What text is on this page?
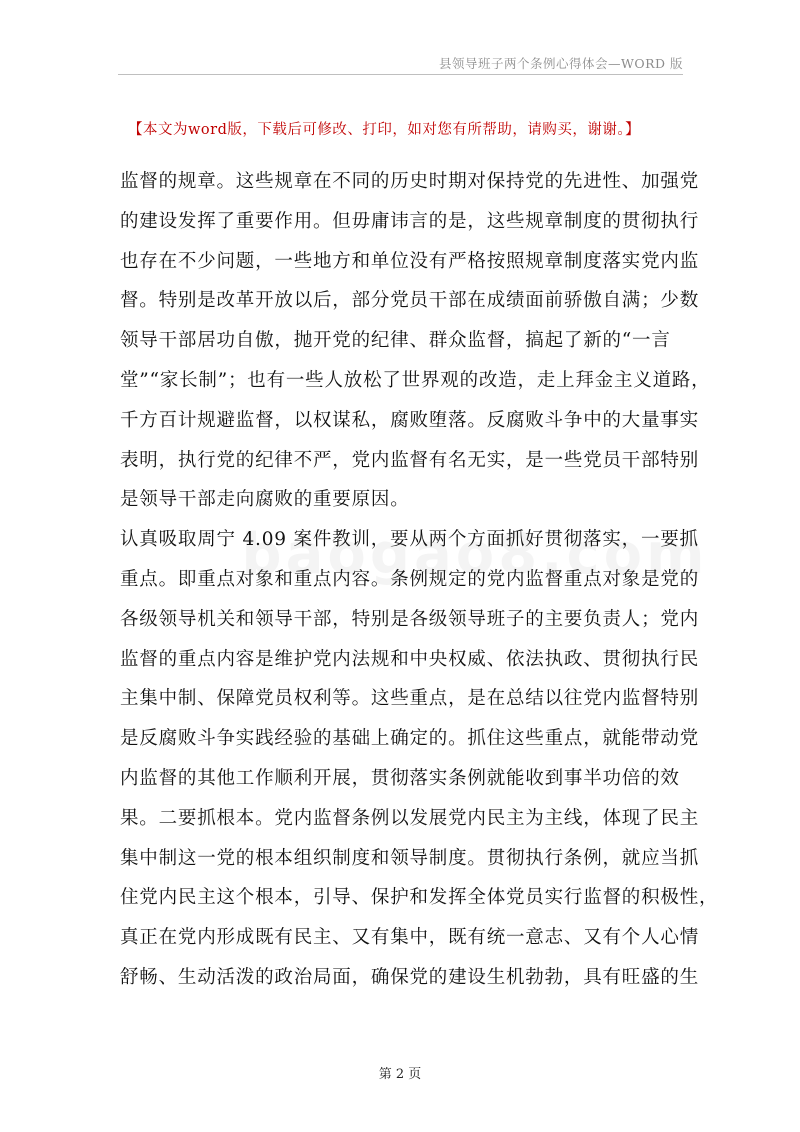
县领导班子两个条例心得体会—WORD 版
【本文为word版，下载后可修改、打印，如对您有所帮助，请购买，谢谢。】
监督的规章。这些规章在不同的历史时期对保持党的先进性、加强党
的建设发挥了重要作用。但毋庸讳言的是，这些规章制度的贯彻执行
也存在不少问题，一些地方和单位没有严格按照规章制度落实党内监
督。特别是改革开放以后，部分党员干部在成绩面前骄傲自满；少数
领导干部居功自傲，抛开党的纪律、群众监督，搞起了新的“一言
堂”“家长制”；也有一些人放松了世界观的改造，走上拜金主义道路，
千方百计规避监督，以权谋私，腐败堕落。反腐败斗争中的大量事实
表明，执行党的纪律不严，党内监督有名无实，是一些党员干部特别
是领导干部走向腐败的重要原因。
认真吸取周宁 4.09 案件教训，要从两个方面抓好贯彻落实，一要抓
重点。即重点对象和重点内容。条例规定的党内监督重点对象是党的
各级领导机关和领导干部，特别是各级领导班子的主要负责人；党内
监督的重点内容是维护党内法规和中央权威、依法执政、贯彻执行民
主集中制、保障党员权利等。这些重点，是在总结以往党内监督特别
是反腐败斗争实践经验的基础上确定的。抓住这些重点，就能带动党
内监督的其他工作顺利开展，贯彻落实条例就能收到事半功倍的效
果。二要抓根本。党内监督条例以发展党内民主为主线，体现了民主
集中制这一党的根本组织制度和领导制度。贯彻执行条例，就应当抓
住党内民主这个根本，引导、保护和发挥全体党员实行监督的积极性，
真正在党内形成既有民主、又有集中，既有统一意志、又有个人心情
舒畅、生动活泼的政治局面，确保党的建设生机勃勃，具有旺盛的生
第 2 页
